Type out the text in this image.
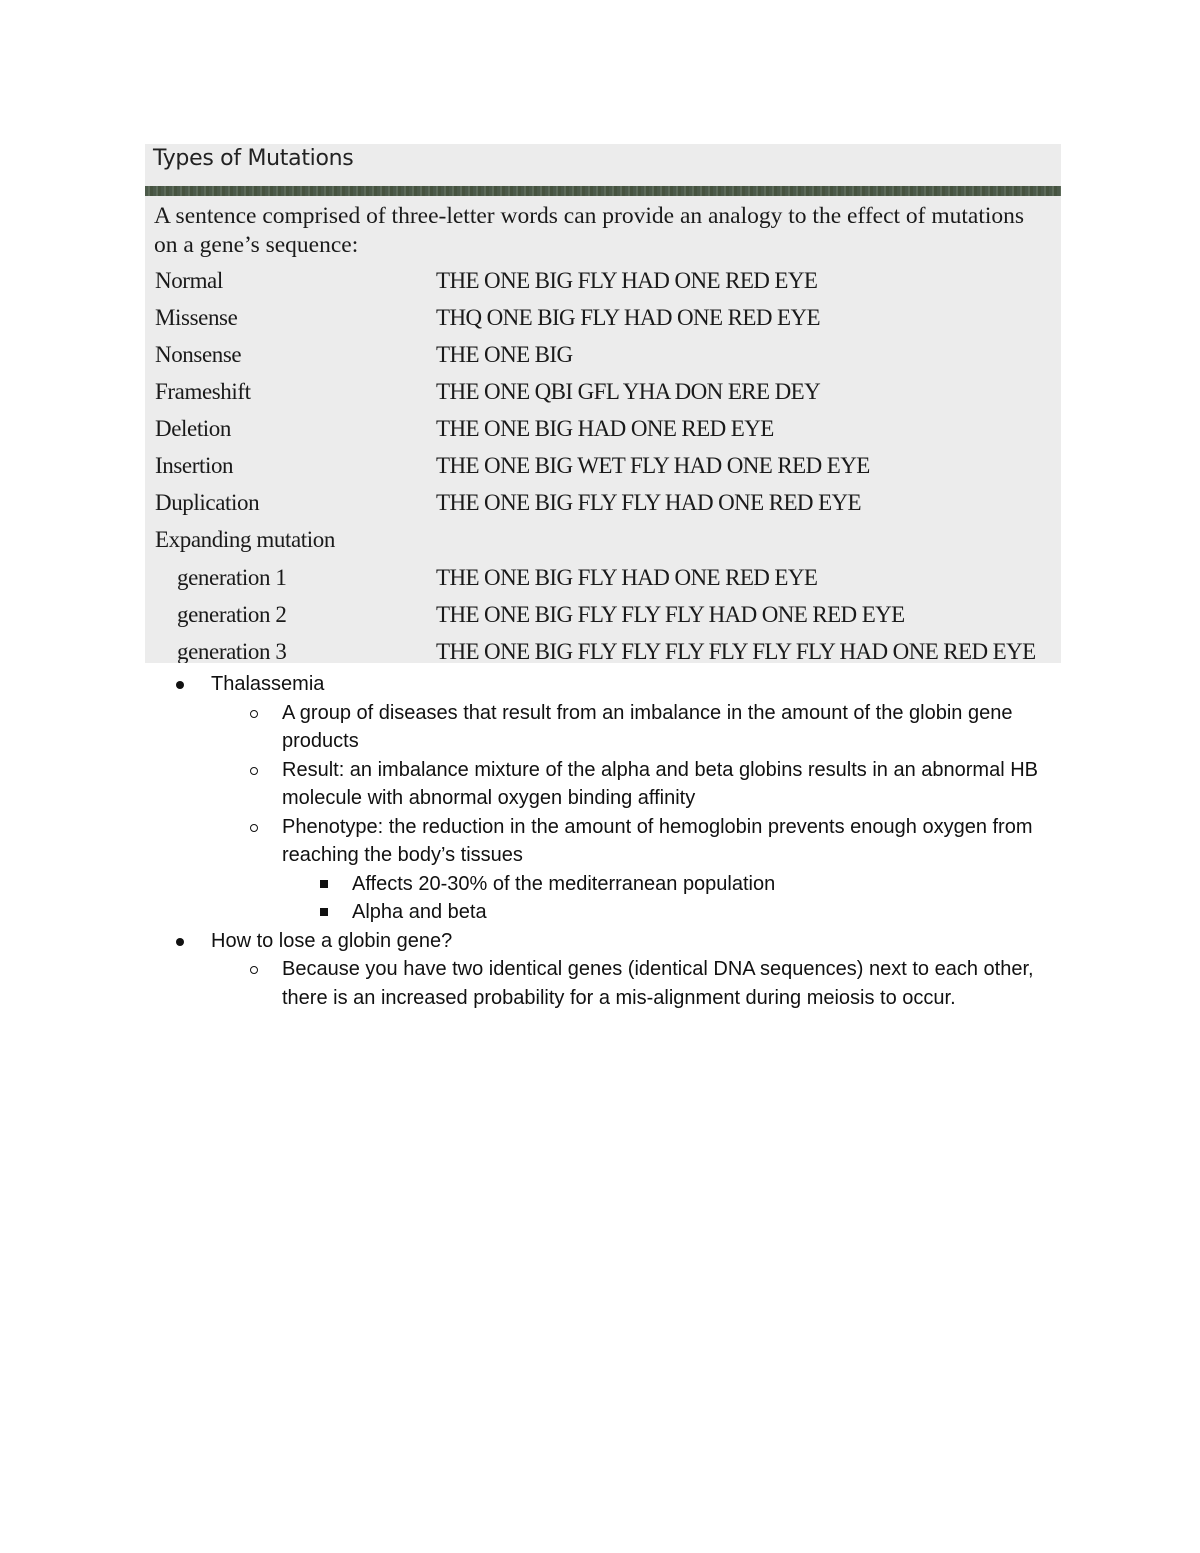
Types of Mutations
A sentence comprised of three-letter words can provide an analogy to the effect of mutations on a gene’s sequence:
Normal	THE ONE BIG FLY HAD ONE RED EYE
Missense	THQ ONE BIG FLY HAD ONE RED EYE
Nonsense	THE ONE BIG
Frameshift	THE ONE QBI GFL YHA DON ERE DEY
Deletion	THE ONE BIG HAD ONE RED EYE
Insertion	THE ONE BIG WET FLY HAD ONE RED EYE
Duplication	THE ONE BIG FLY FLY HAD ONE RED EYE
Expanding mutation
generation 1	THE ONE BIG FLY HAD ONE RED EYE
generation 2	THE ONE BIG FLY FLY FLY HAD ONE RED EYE
generation 3	THE ONE BIG FLY FLY FLY FLY FLY FLY HAD ONE RED EYE
Thalassemia
A group of diseases that result from an imbalance in the amount of the globin gene products
Result: an imbalance mixture of the alpha and beta globins results in an abnormal HB molecule with abnormal oxygen binding affinity
Phenotype: the reduction in the amount of hemoglobin prevents enough oxygen from reaching the body’s tissues
Affects 20-30% of the mediterranean population
Alpha and beta
How to lose a globin gene?
Because you have two identical genes (identical DNA sequences) next to each other, there is an increased probability for a mis-alignment during meiosis to occur.
